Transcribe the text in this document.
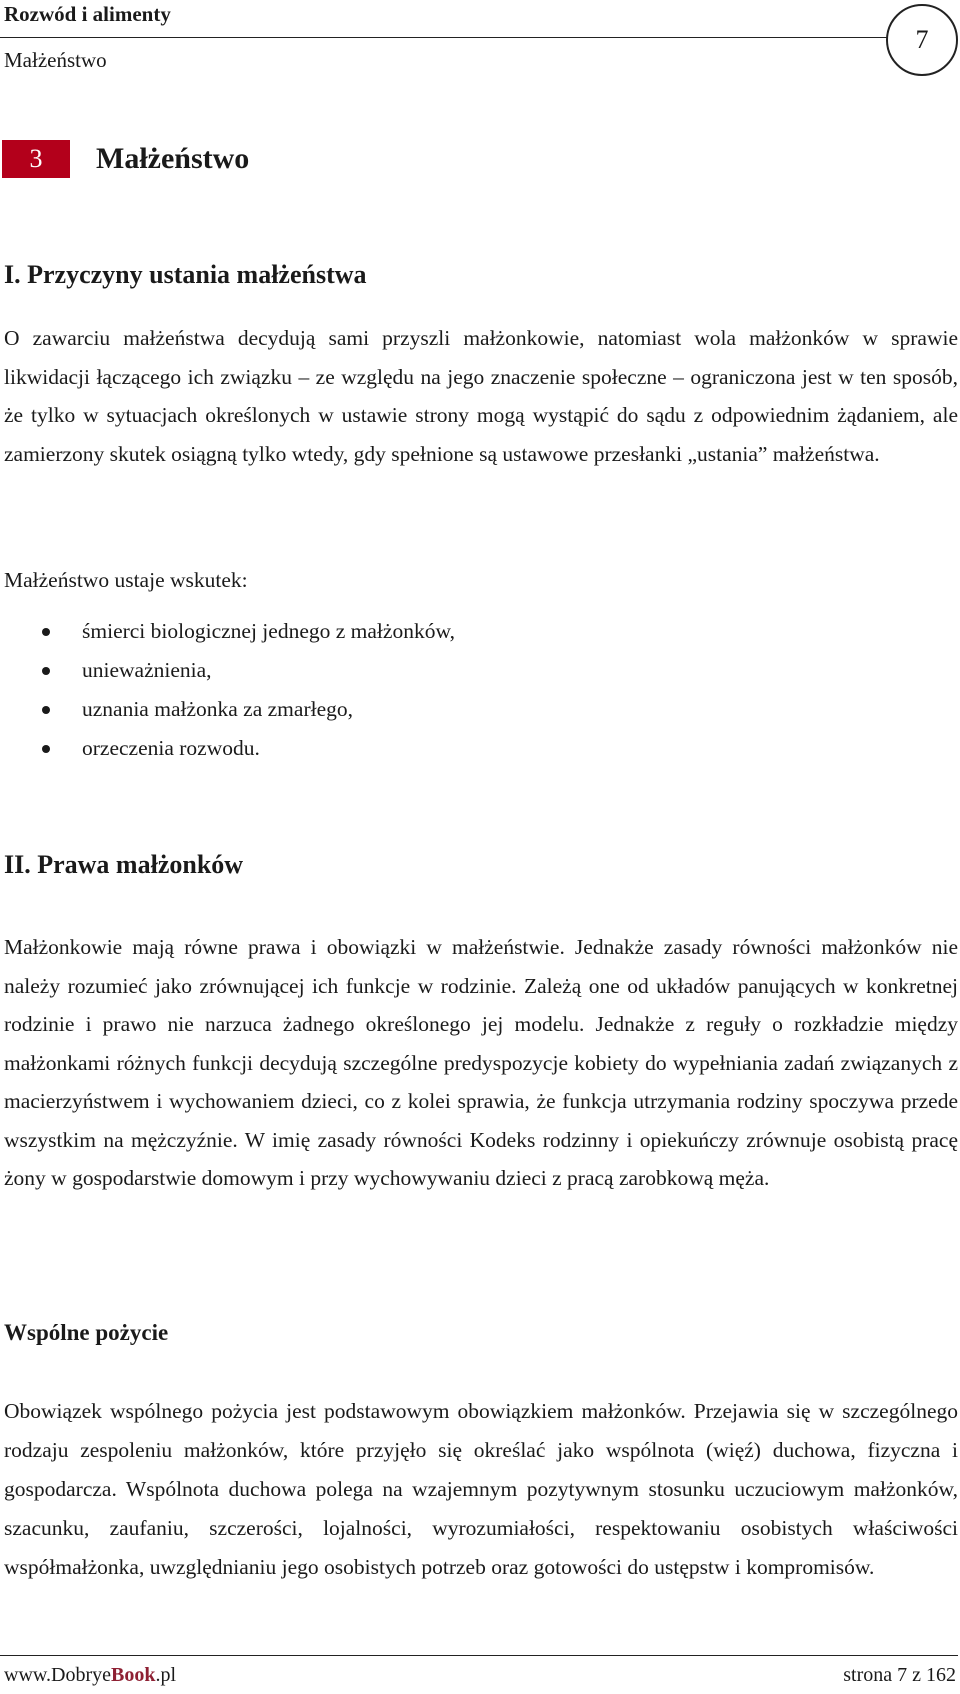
Rozwód i alimenty
Małżeństwo
7
3 Małżeństwo
I. Przyczyny ustania małżeństwa

O zawarciu małżeństwa decydują sami przyszli małżonkowie, natomiast wola małżonków w sprawie likwidacji łączącego ich związku – ze względu na jego znaczenie społeczne – ograniczona jest w ten sposób, że tylko w sytuacjach określonych w ustawie strony mogą wystąpić do sądu z odpowiednim żądaniem, ale zamierzony skutek osiągną tylko wtedy, gdy spełnione są ustawowe przesłanki „ustania” małżeństwa.

Małżeństwo ustaje wskutek:
śmierci biologicznej jednego z małżonków,
unieważnienia,
uznania małżonka za zmarłego,
orzeczenia rozwodu.
II. Prawa małżonków

Małżonkowie mają równe prawa i obowiązki w małżeństwie. Jednakże zasady równości małżonków nie należy rozumieć jako zrównującej ich funkcje w rodzinie. Zależą one od układów panujących w konkretnej rodzinie i prawo nie narzuca żadnego określonego jej modelu. Jednakże z reguły o rozkładzie między małżonkami różnych funkcji decydują szczególne predyspozycje kobiety do wypełniania zadań związanych z macierzyństwem i wychowaniem dzieci, co z kolei sprawia, że funkcja utrzymania rodziny spoczywa przede wszystkim na mężczyźnie. W imię zasady równości Kodeks rodzinny i opiekuńczy zrównuje osobistą pracę żony w gospodarstwie domowym i przy wychowywaniu dzieci z pracą zarobkową męża.

Wspólne pożycie

Obowiązek wspólnego pożycia jest podstawowym obowiązkiem małżonków. Przejawia się w szczególnego rodzaju zespoleniu małżonków, które przyjęło się określać jako wspólnota (więź) duchowa, fizyczna i gospodarcza. Wspólnota duchowa polega na wzajemnym pozytywnym stosunku uczuciowym małżonków, szacunku, zaufaniu, szczerości, lojalności, wyrozumiałości, respektowaniu osobistych właściwości współmałżonka, uwzględnianiu jego osobistych potrzeb oraz gotowości do ustępstw i kompromisów.

www.DobryeBook.pl	strona 7 z 162
